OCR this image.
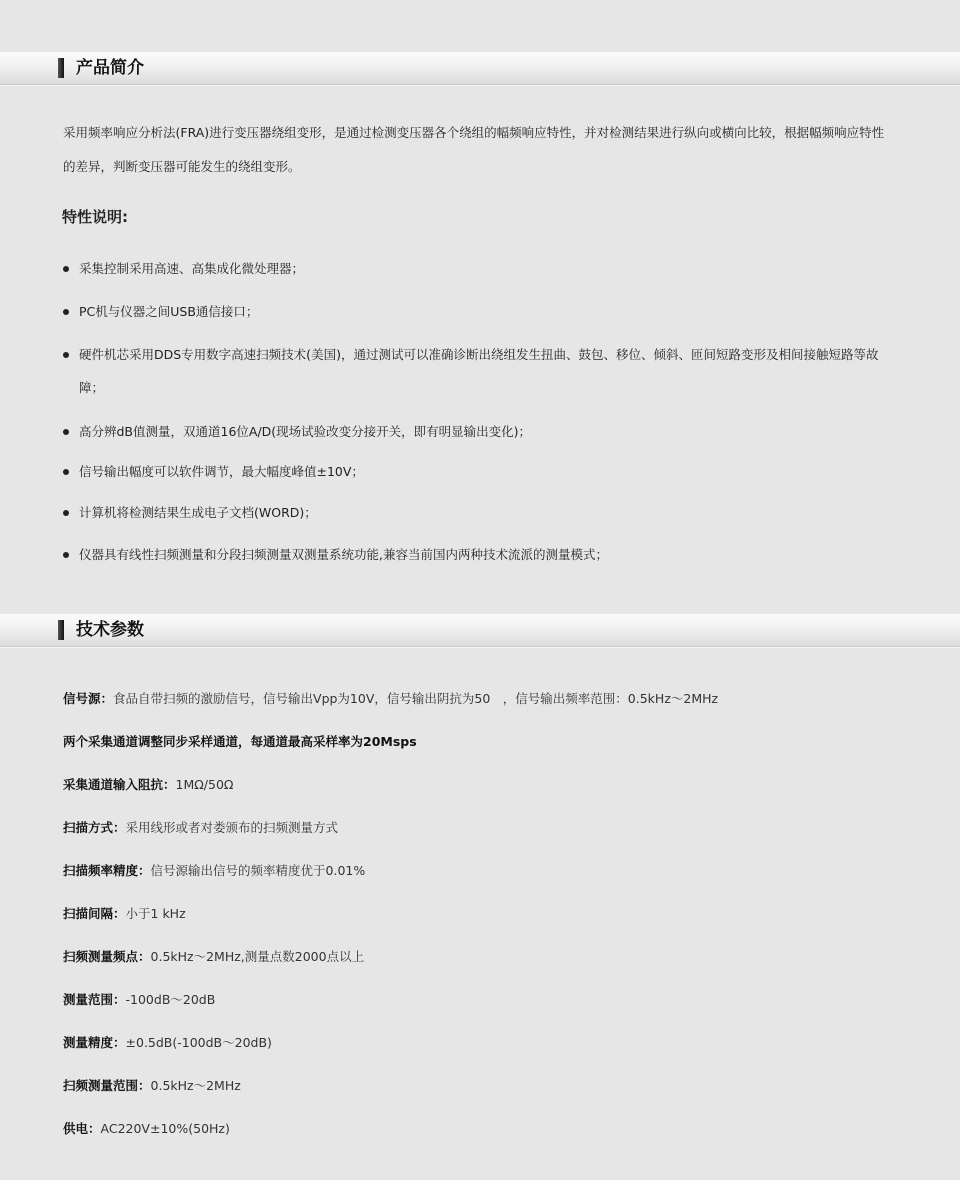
产品简介
采用频率响应分析法(FRA)进行变压器绕组变形，是通过检测变压器各个绕组的幅频响应特性，并对检测结果进行纵向或横向比较，根据幅频响应特性的差异，判断变压器可能发生的绕组变形。
特性说明:
采集控制采用高速、高集成化微处理器；
PC机与仪器之间USB通信接口；
硬件机芯采用DDS专用数字高速扫频技术(美国)，通过测试可以准确诊断出绕组发生扭曲、鼓包、移位、倾斜、匝间短路变形及相间接触短路等故障；
高分辨dB值测量，双通道16位A/D(现场试验改变分接开关，即有明显输出变化)；
信号输出幅度可以软件调节，最大幅度峰值±10V；
计算机将检测结果生成电子文档(WORD)；
仪器具有线性扫频测量和分段扫频测量双测量系统功能,兼容当前国内两种技术流派的测量模式；
技术参数
信号源：食品自带扫频的激励信号，信号输出Vpp为10V，信号输出阴抗为50　，信号输出频率范围：0.5kHz～2MHz
两个采集通道调整同步采样通道，每通道最高采样率为20Msps
采集通道输入阻抗：1MΩ/50Ω
扫描方式：采用线形或者对娄颁布的扫频测量方式
扫描频率精度：信号源输出信号的频率精度优于0.01%
扫描间隔：小于1 kHz
扫频测量频点：0.5kHz～2MHz,测量点数2000点以上
测量范围：-100dB～20dB
测量精度：±0.5dB(-100dB～20dB)
扫频测量范围：0.5kHz～2MHz
供电：AC220V±10%(50Hz)
